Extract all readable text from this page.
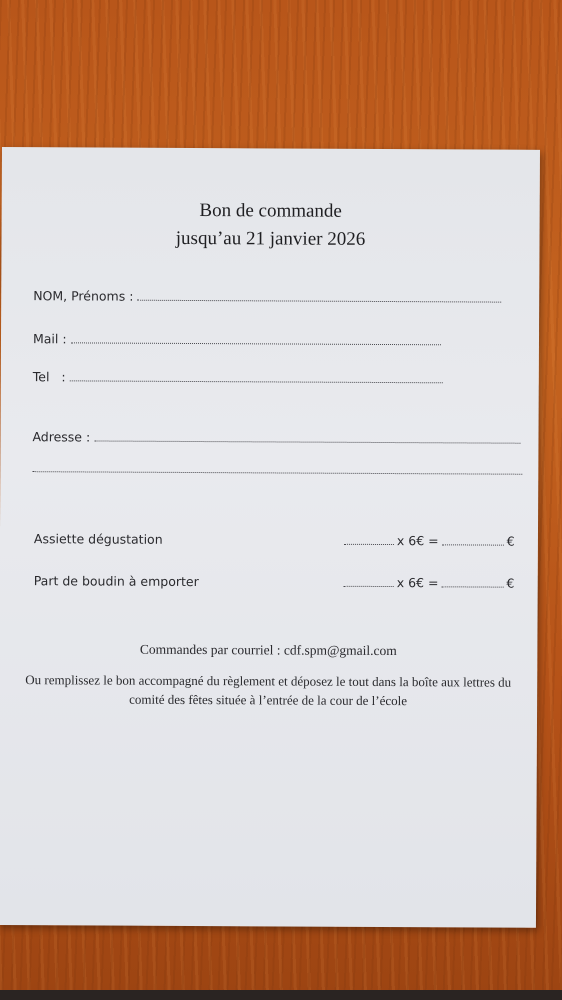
Bon de commande
jusqu’au 21 janvier 2026
NOM, Prénoms :
Mail :
Tel   :
Adresse :
Assiette dégustation	x 6€ =	€
Part de boudin à emporter	x 6€ =	€
Commandes par courriel : cdf.spm@gmail.com
Ou remplissez le bon accompagné du règlement et déposez le tout dans la boîte aux lettres du comité des fêtes située à l’entrée de la cour de l’école
